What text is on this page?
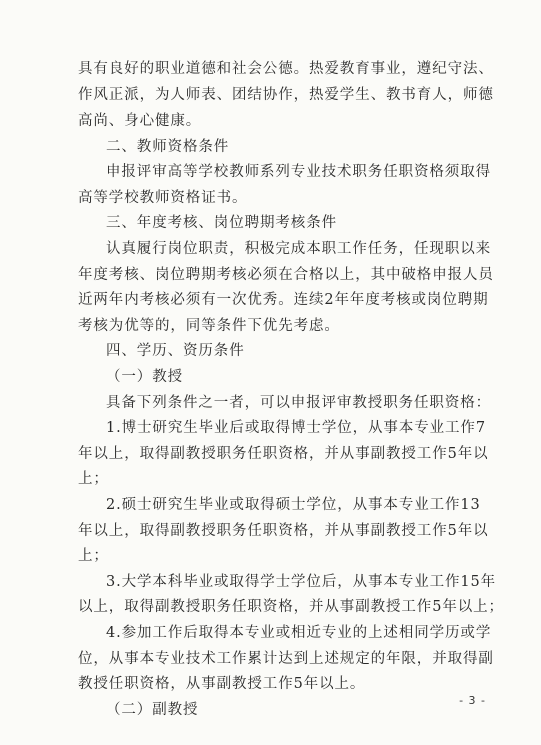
具有良好的职业道德和社会公德。热爱教育事业，遵纪守法、
作风正派，为人师表、团结协作，热爱学生、教书育人，师德
高尚、身心健康。
二、教师资格条件
申报评审高等学校教师系列专业技术职务任职资格须取得
高等学校教师资格证书。
三、年度考核、岗位聘期考核条件
认真履行岗位职责，积极完成本职工作任务，任现职以来
年度考核、岗位聘期考核必须在合格以上，其中破格申报人员
近两年内考核必须有一次优秀。连续2年年度考核或岗位聘期
考核为优等的，同等条件下优先考虑。
四、学历、资历条件
（一）教授
具备下列条件之一者，可以申报评审教授职务任职资格：
1.博士研究生毕业后或取得博士学位，从事本专业工作7
年以上，取得副教授职务任职资格，并从事副教授工作5年以
上；
2.硕士研究生毕业或取得硕士学位，从事本专业工作13
年以上，取得副教授职务任职资格，并从事副教授工作5年以
上；
3.大学本科毕业或取得学士学位后，从事本专业工作15年
以上，取得副教授职务任职资格，并从事副教授工作5年以上；
4.参加工作后取得本专业或相近专业的上述相同学历或学
位，从事本专业技术工作累计达到上述规定的年限，并取得副
教授任职资格，从事副教授工作5年以上。
（二）副教授
- 3 -
